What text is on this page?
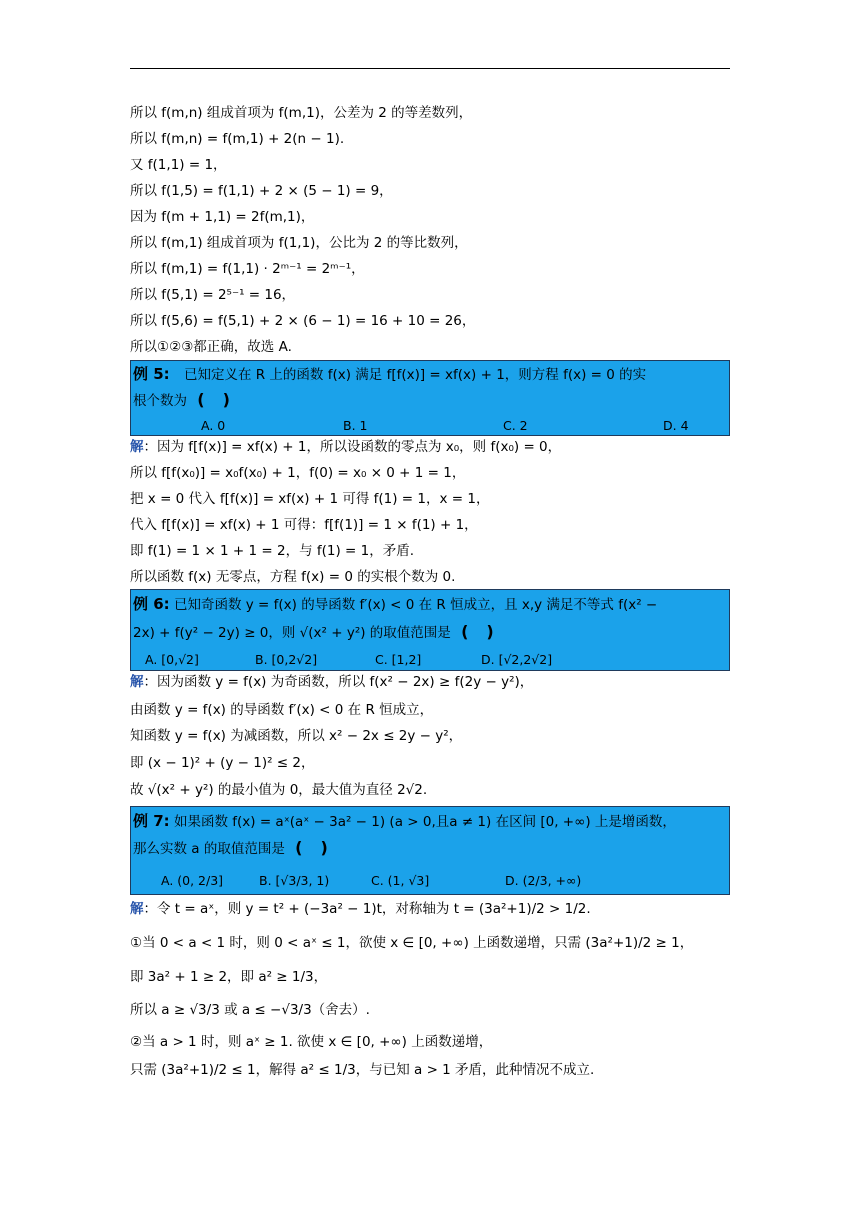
所以 f(m,n) 组成首项为 f(m,1)，公差为 2 的等差数列，
所以 f(m,n) = f(m,1) + 2(n − 1).
又 f(1,1) = 1，
所以 f(1,5) = f(1,1) + 2 × (5 − 1) = 9，
因为 f(m + 1,1) = 2f(m,1)，
所以 f(m,1) 组成首项为 f(1,1)，公比为 2 的等比数列，
所以 f(m,1) = f(1,1) · 2ᵐ⁻¹ = 2ᵐ⁻¹，
所以 f(5,1) = 2⁵⁻¹ = 16，
所以 f(5,6) = f(5,1) + 2 × (6 − 1) = 16 + 10 = 26，
所以①②③都正确，故选 A.
例 5: 已知定义在 R 上的函数 f(x) 满足 f[f(x)] = xf(x) + 1，则方程 f(x) = 0 的实
根个数为 ()
A. 0	B. 1	C. 2	D. 4
解：因为 f[f(x)] = xf(x) + 1，所以设函数的零点为 x₀，则 f(x₀) = 0，
所以 f[f(x₀)] = x₀f(x₀) + 1，f(0) = x₀ × 0 + 1 = 1，
把 x = 0 代入 f[f(x)] = xf(x) + 1 可得 f(1) = 1，x = 1，
代入 f[f(x)] = xf(x) + 1 可得：f[f(1)] = 1 × f(1) + 1，
即 f(1) = 1 × 1 + 1 = 2，与 f(1) = 1，矛盾.
所以函数 f(x) 无零点，方程 f(x) = 0 的实根个数为 0.
例 6: 已知奇函数 y = f(x) 的导函数 f′(x) < 0 在 R 恒成立，且 x,y 满足不等式 f(x² −
2x) + f(y² − 2y) ≥ 0，则 √(x² + y²) 的取值范围是 ()
A. [0,√2]	B. [0,2√2]	C. [1,2]	D. [√2,2√2]
解：因为函数 y = f(x) 为奇函数，所以 f(x² − 2x) ≥ f(2y − y²)，
由函数 y = f(x) 的导函数 f′(x) < 0 在 R 恒成立，
知函数 y = f(x) 为减函数，所以 x² − 2x ≤ 2y − y²，
即 (x − 1)² + (y − 1)² ≤ 2，
故 √(x² + y²) 的最小值为 0，最大值为直径 2√2.
例 7: 如果函数 f(x) = aˣ(aˣ − 3a² − 1) (a > 0,且a ≠ 1) 在区间 [0, +∞) 上是增函数，
那么实数 a 的取值范围是 ()
A. (0, 2/3]	B. [√3/3, 1)	C. (1, √3]	D. (2/3, +∞)
解：令 t = aˣ，则 y = t² + (−3a² − 1)t，对称轴为 t = (3a²+1)/2 > 1/2.
①当 0 < a < 1 时，则 0 < aˣ ≤ 1，欲使 x ∈ [0, +∞) 上函数递增，只需 (3a²+1)/2 ≥ 1，
即 3a² + 1 ≥ 2，即 a² ≥ 1/3，
所以 a ≥ √3/3 或 a ≤ −√3/3（舍去）.
②当 a > 1 时，则 aˣ ≥ 1. 欲使 x ∈ [0, +∞) 上函数递增，
只需 (3a²+1)/2 ≤ 1，解得 a² ≤ 1/3，与已知 a > 1 矛盾，此种情况不成立.
